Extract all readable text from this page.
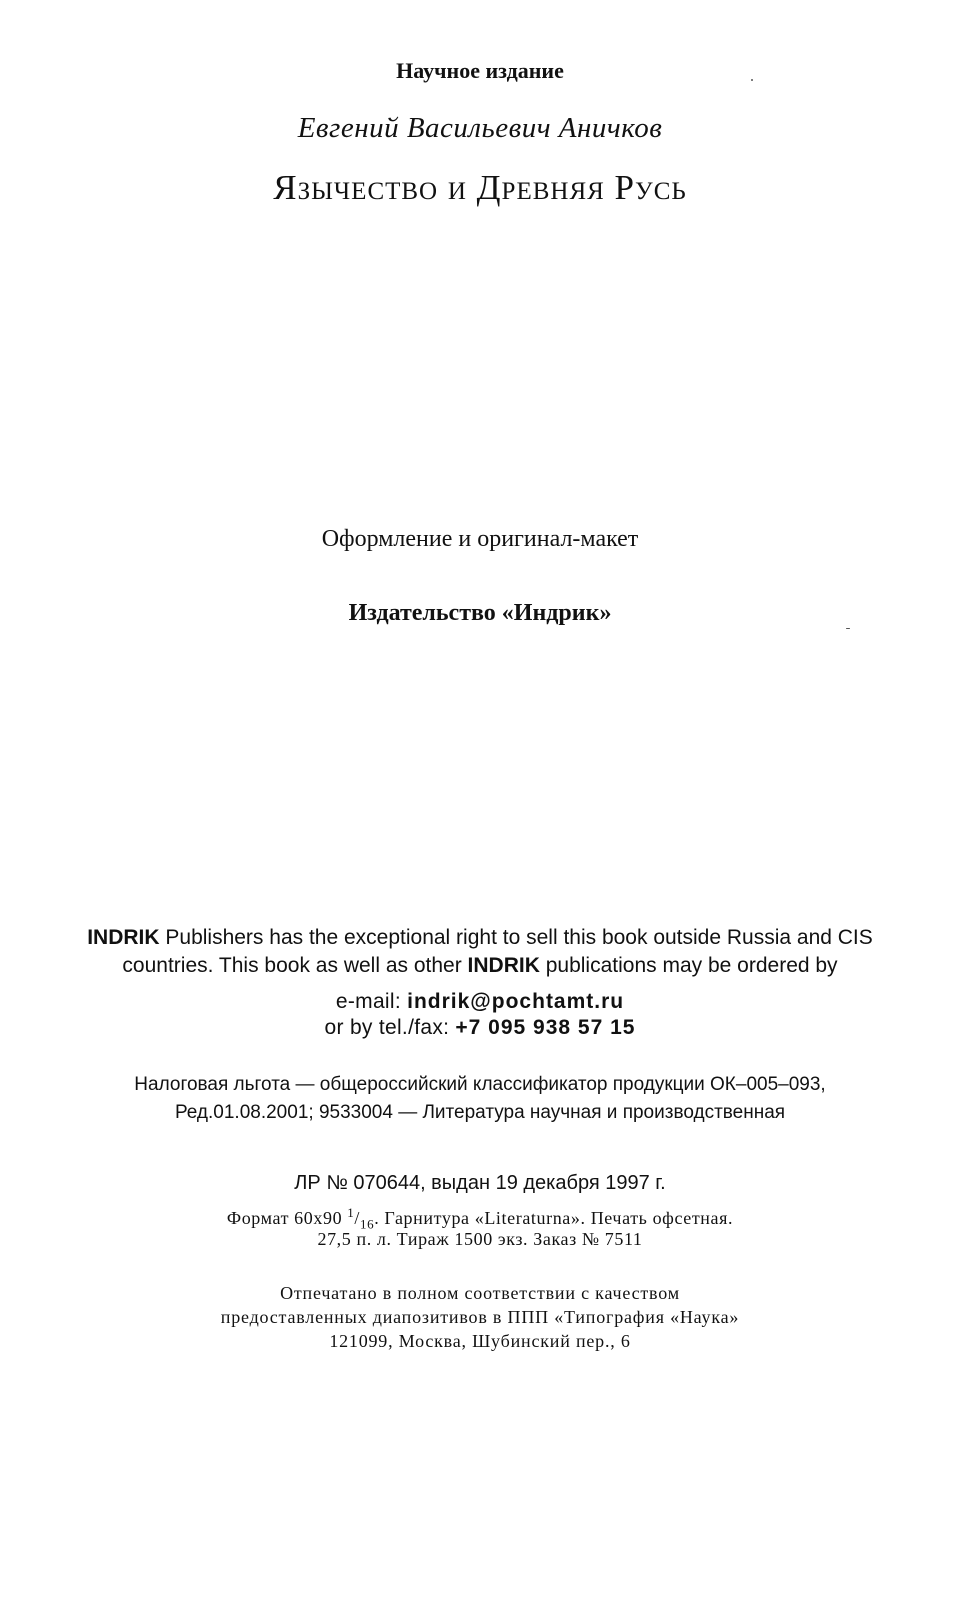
Научное издание
Евгений Васильевич Аничков
Язычество и Древняя Русь
Оформление и оригинал-макет
Издательство «Индрик»
INDRIK Publishers has the exceptional right to sell this book outside Russia and CIS
countries. This book as well as other INDRIK publications may be ordered by
e-mail: indrik@pochtamt.ru
or by tel./fax: +7 095 938 57 15
Налоговая льгота — общероссийский классификатор продукции ОК–005–093,
Ред.01.08.2001; 9533004 — Литература научная и производственная
ЛР № 070644, выдан 19 декабря 1997 г.
Формат 60х90 $^1/_{16}$. Гарнитура «Literaturna». Печать офсетная.
27,5 п. л. Тираж 1500 экз. Заказ № 7511
Отпечатано в полном соответствии с качеством
предоставленных диапозитивов в ППП «Типография «Наука»
121099, Москва, Шубинский пер., 6
